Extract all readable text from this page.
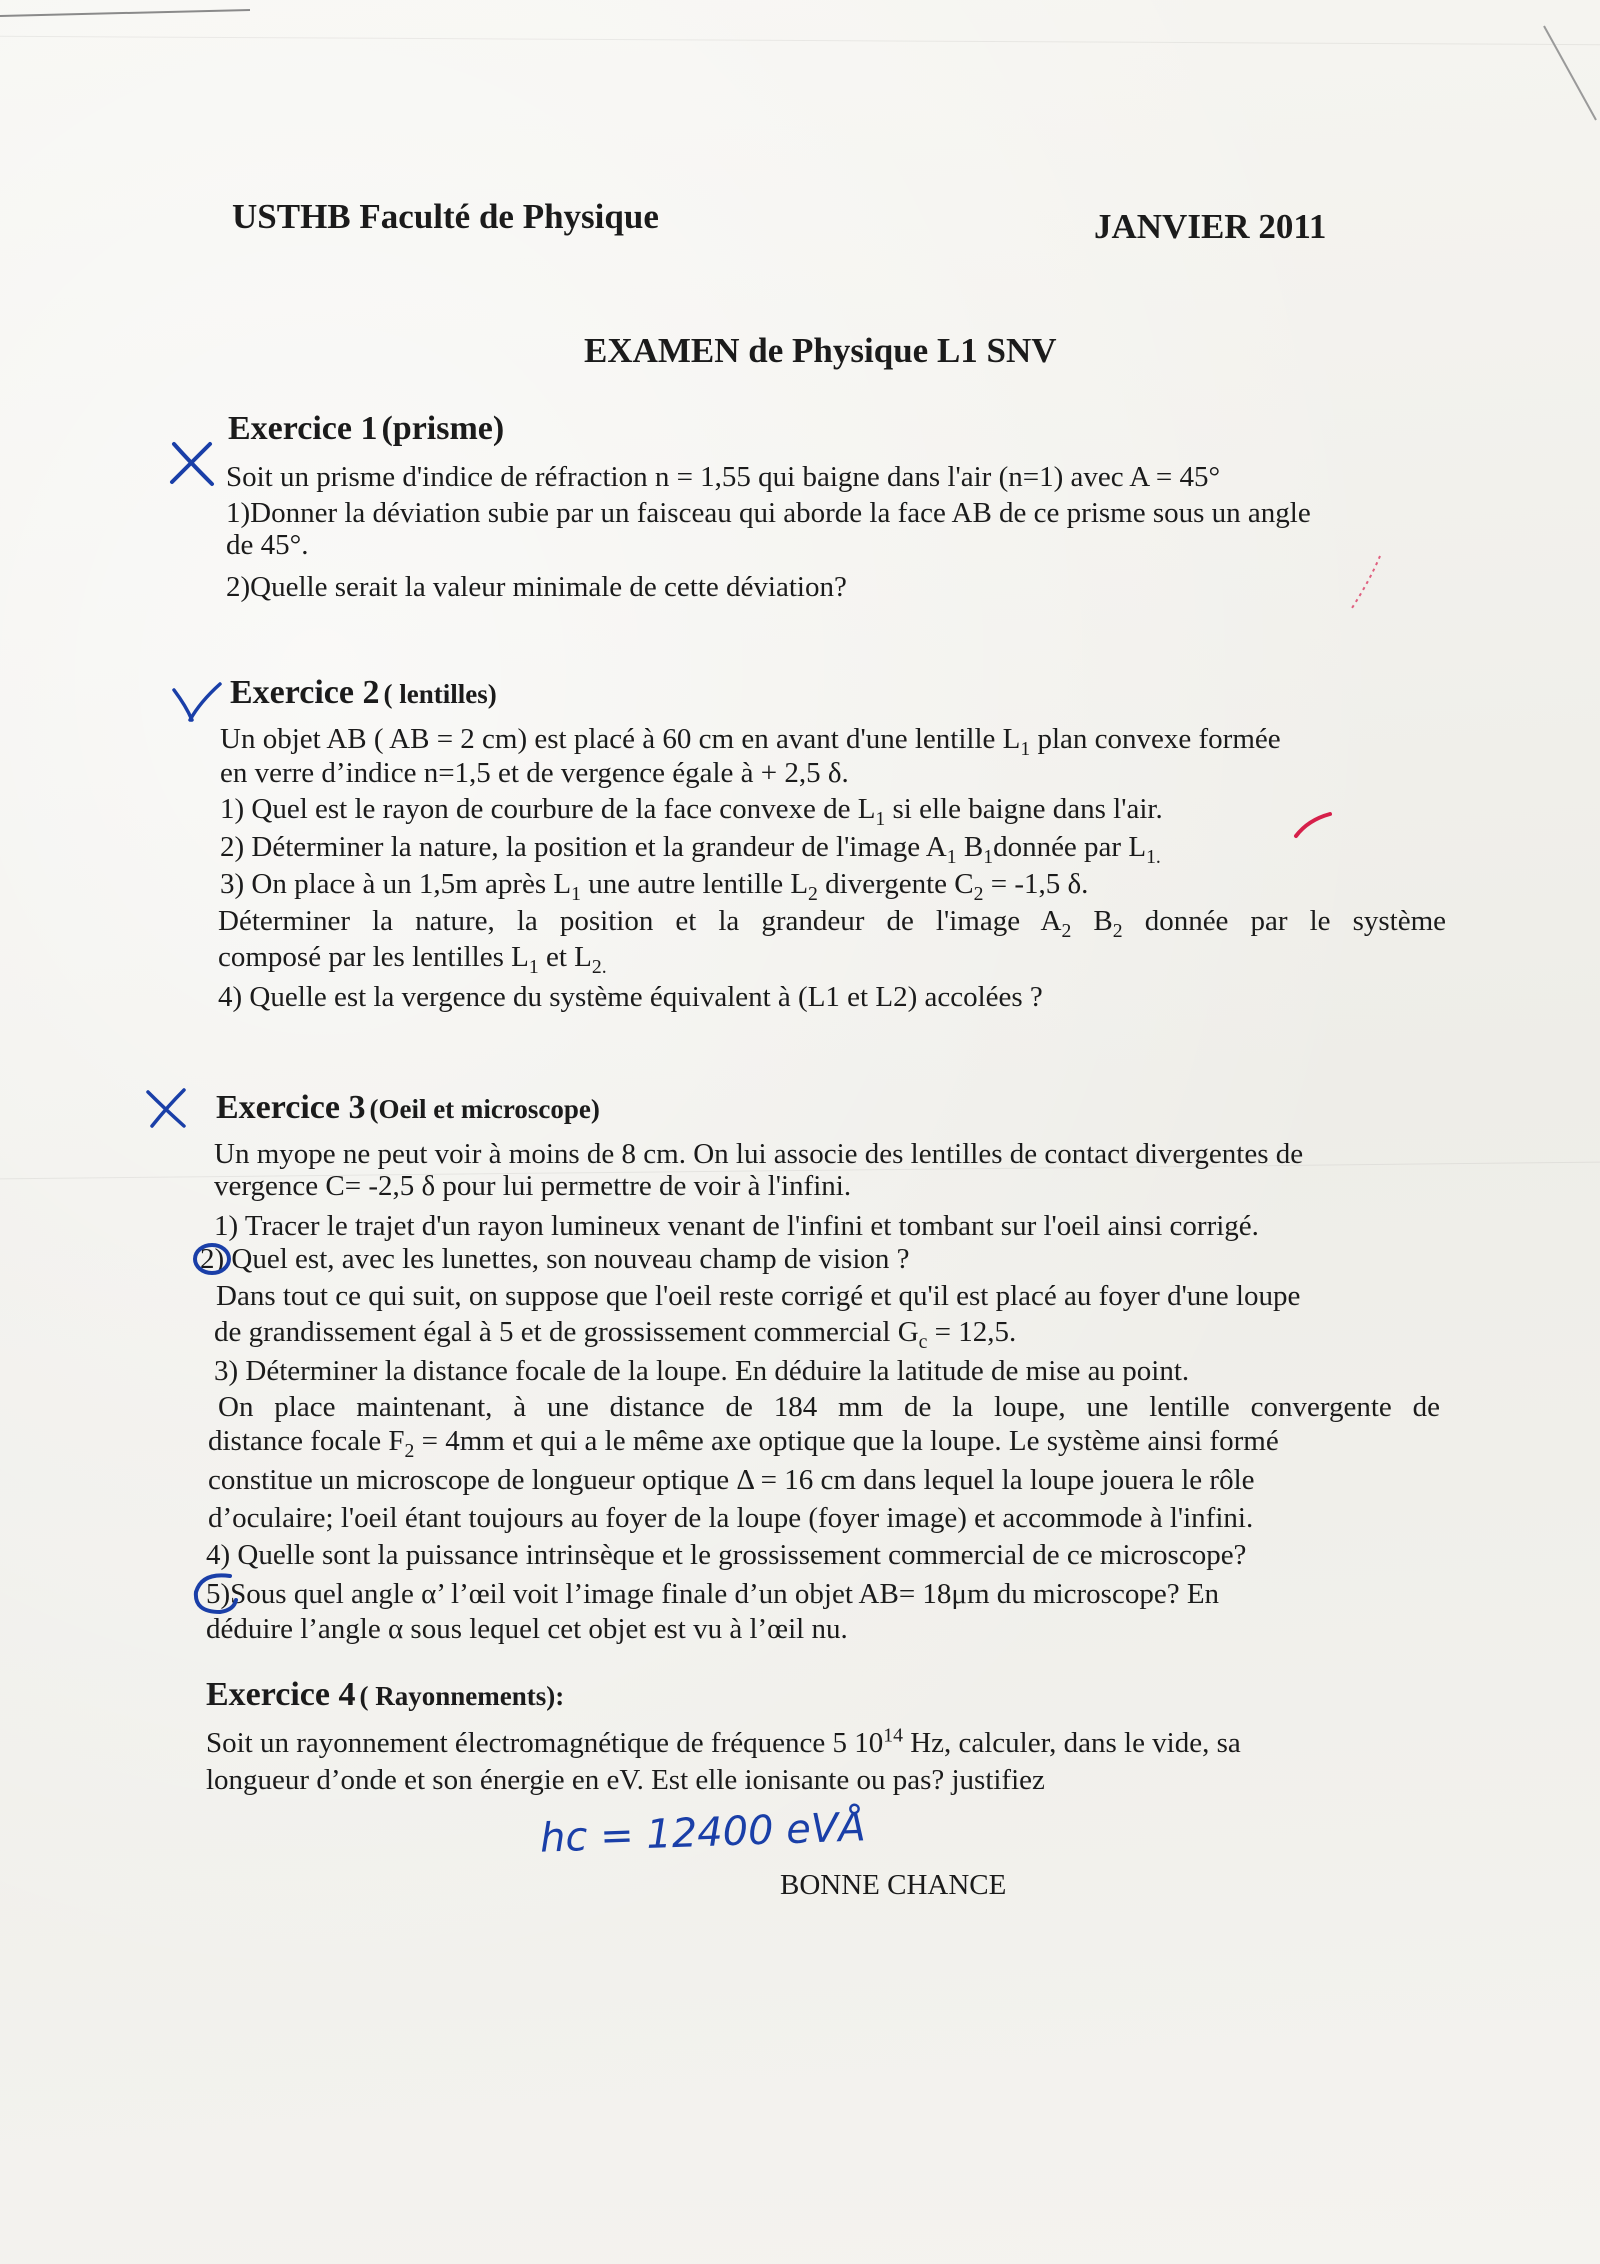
USTHB Faculté de Physique	JANVIER 2011
EXAMEN de Physique L1 SNV
Exercice 1 (prisme)
Soit un prisme d'indice de réfraction n = 1,55 qui baigne dans l'air (n=1) avec A = 45°
1)Donner la déviation subie par un faisceau qui aborde la face AB de ce prisme sous un angle
de 45°.
2)Quelle serait la valeur minimale de cette déviation?
Exercice 2 ( lentilles)
Un objet AB ( AB = 2 cm) est placé à 60 cm en avant d'une lentille $L_1$ plan convexe formée
en verre d’indice n=1,5 et de vergence égale à + 2,5 δ.
1) Quel est le rayon de courbure de la face convexe de $L_1$ si elle baigne dans l'air.
2) Déterminer la nature, la position et la grandeur de l'image $A_1$ $B_1donnée$ par $L_{1.}$
3) On place à un 1,5m après $L_1$ une autre lentille $L_2$ divergente $C_2 = -1,5$ δ.
Déterminer la nature, la position et la grandeur de l'image $A_2$ $B_2$ donnée par le système
composé par les lentilles $L_1$ et $L_{2.}$
4) Quelle est la vergence du système équivalent à (L1 et L2) accolées ?
Exercice 3 (Oeil et microscope)
Un myope ne peut voir à moins de 8 cm. On lui associe des lentilles de contact divergentes de
vergence C= -2,5 δ pour lui permettre de voir à l'infini.
1) Tracer le trajet d'un rayon lumineux venant de l'infini et tombant sur l'oeil ainsi corrigé.
2)
Quel est, avec les lunettes, son nouveau champ de vision ?
Dans tout ce qui suit, on suppose que l'oeil reste corrigé et qu'il est placé au foyer d'une loupe
de grandissement égal à 5 et de grossissement commercial $G_c = 12,5$.
3) Déterminer la distance focale de la loupe. En déduire la latitude de mise au point.
On place maintenant, à une distance de 184 mm de la loupe, une lentille convergente de
distance focale $F_2 = 4mm$ et qui a le même axe optique que la loupe. Le système ainsi formé
constitue un microscope de longueur optique Δ = 16 cm dans lequel la loupe jouera le rôle
d’oculaire; l'oeil étant toujours au foyer de la loupe (foyer image) et accommode à l'infini.
4) Quelle sont la puissance intrinsèque et le grossissement commercial de ce microscope?
5)
Sous quel angle α’ l’œil voit l’image finale d’un objet AB= 18μm du microscope? En
déduire l’angle α sous lequel cet objet est vu à l’œil nu.
Exercice 4 ( Rayonnements):
Soit un rayonnement électromagnétique de fréquence 5 $10^{14}$ Hz, calculer, dans le vide, sa
longueur d’onde et son énergie en eV. Est elle ionisante ou pas? justifiez
hc = 12400 eVÅ
BONNE CHANCE
